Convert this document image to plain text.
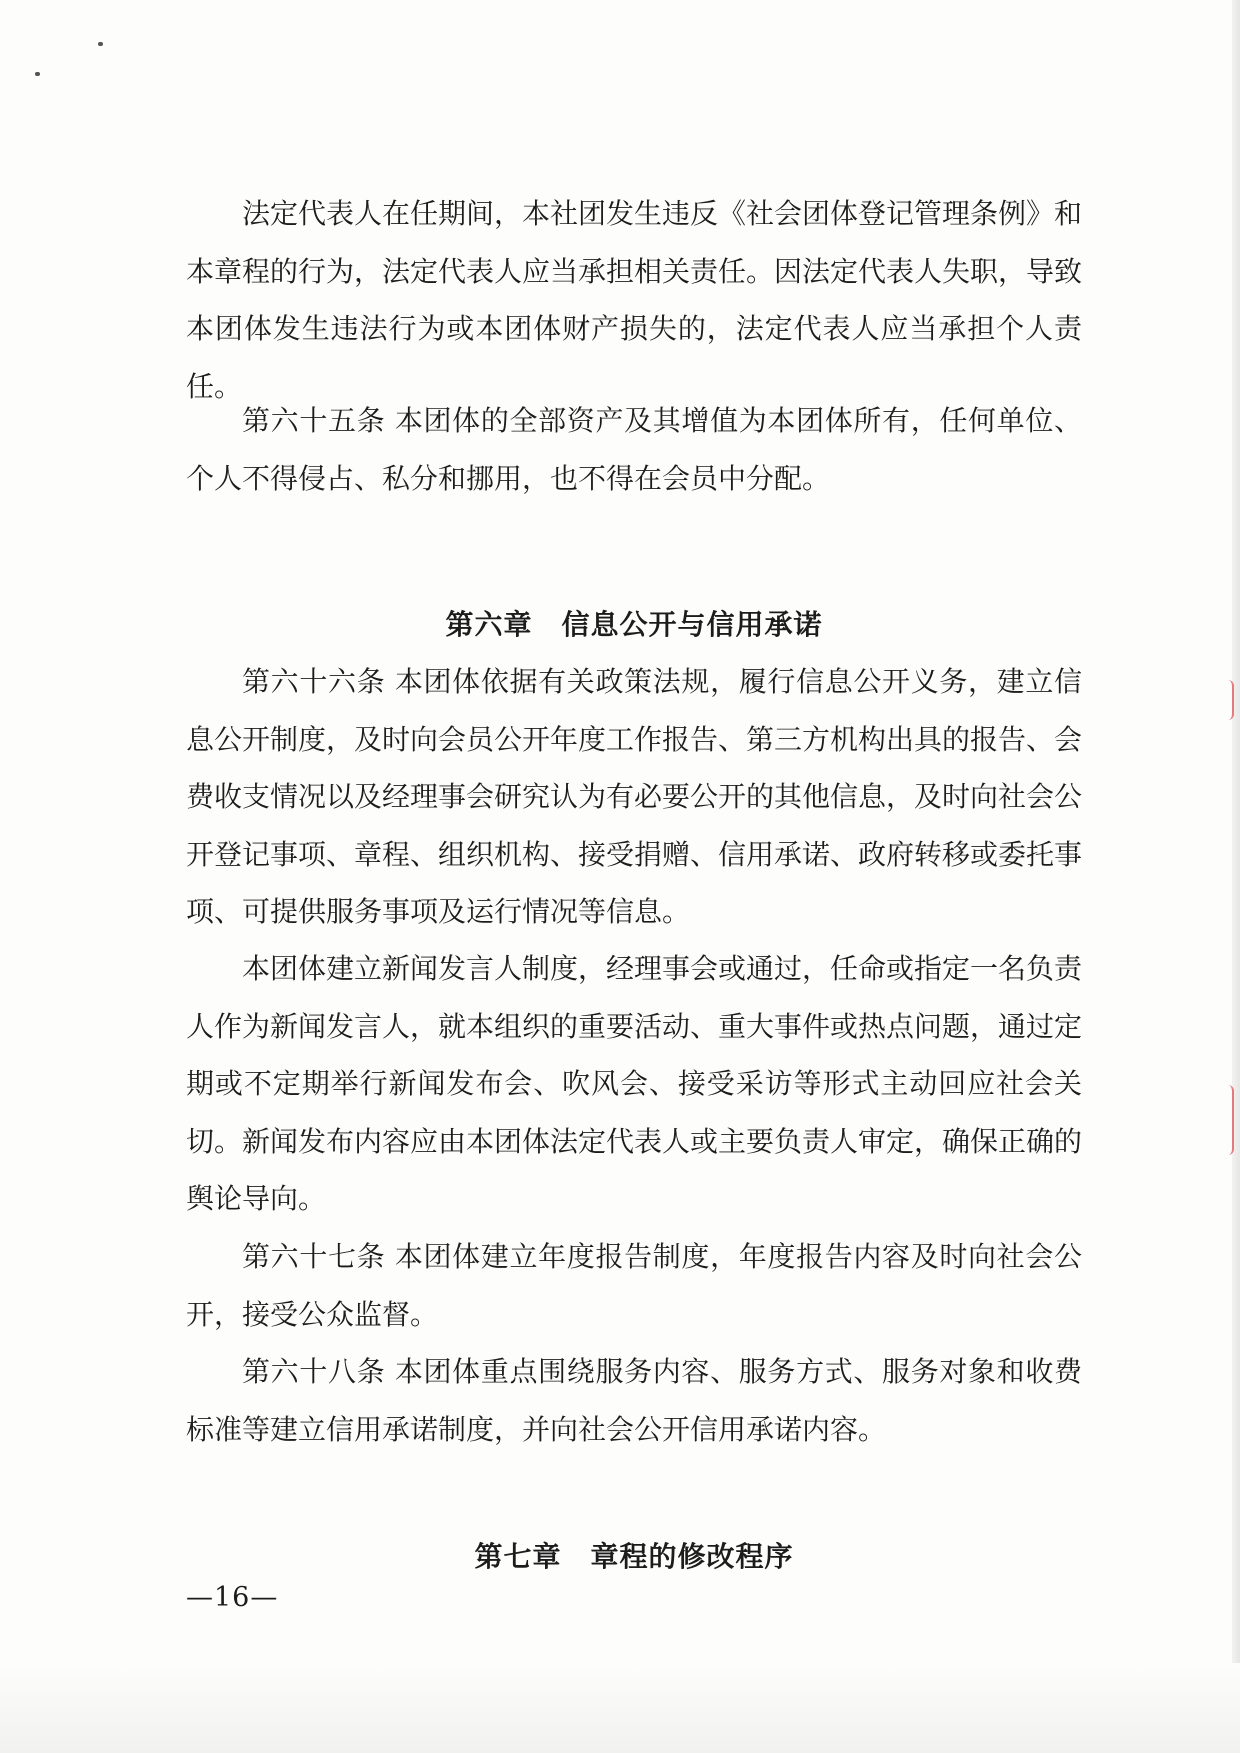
法定代表人在任期间，本社团发生违反《社会团体登记管理条例》和本章程的行为，法定代表人应当承担相关责任。因法定代表人失职，导致本团体发生违法行为或本团体财产损失的，法定代表人应当承担个人责任。

第六十五条 本团体的全部资产及其增值为本团体所有，任何单位、个人不得侵占、私分和挪用，也不得在会员中分配。

第六章　信息公开与信用承诺

第六十六条 本团体依据有关政策法规，履行信息公开义务，建立信息公开制度，及时向会员公开年度工作报告、第三方机构出具的报告、会费收支情况以及经理事会研究认为有必要公开的其他信息，及时向社会公开登记事项、章程、组织机构、接受捐赠、信用承诺、政府转移或委托事项、可提供服务事项及运行情况等信息。

本团体建立新闻发言人制度，经理事会或通过，任命或指定一名负责人作为新闻发言人，就本组织的重要活动、重大事件或热点问题，通过定期或不定期举行新闻发布会、吹风会、接受采访等形式主动回应社会关切。新闻发布内容应由本团体法定代表人或主要负责人审定，确保正确的舆论导向。

第六十七条 本团体建立年度报告制度，年度报告内容及时向社会公开，接受公众监督。

第六十八条 本团体重点围绕服务内容、服务方式、服务对象和收费标准等建立信用承诺制度，并向社会公开信用承诺内容。

第七章　章程的修改程序
—16—
